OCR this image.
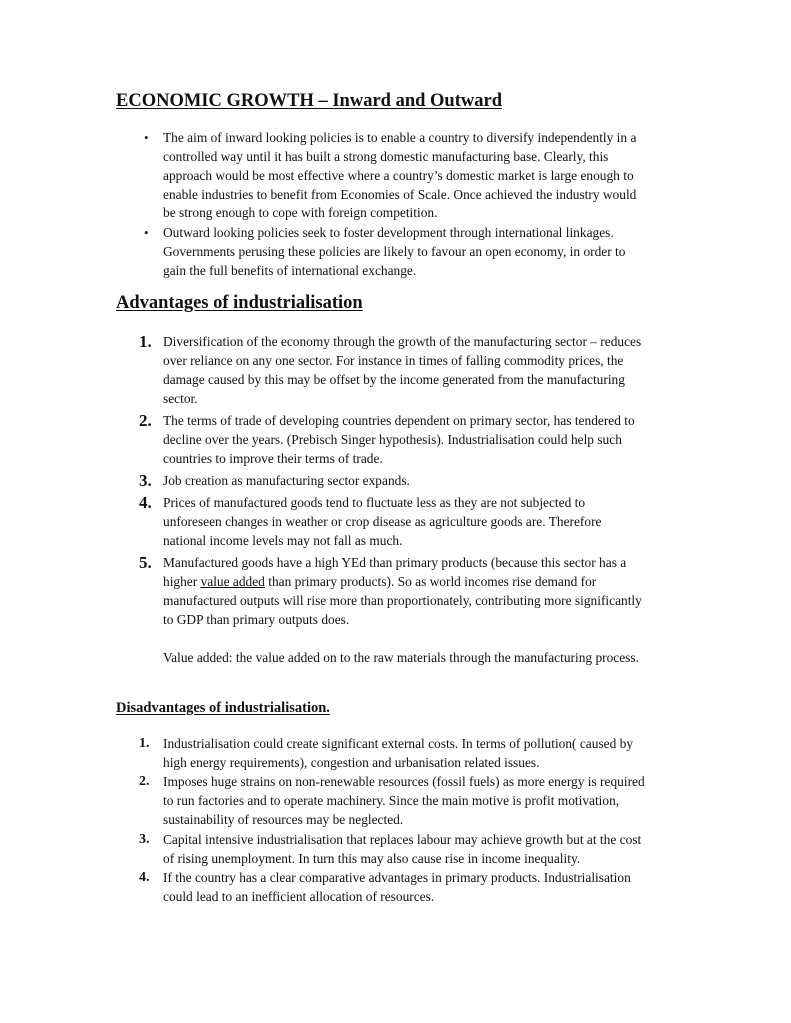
ECONOMIC GROWTH – Inward and Outward
• The aim of inward looking policies is to enable a country to diversify independently in a

controlled way until it has built a strong domestic manufacturing base. Clearly, this

approach would be most effective where a country’s domestic market is large enough to

enable industries to benefit from Economies of Scale. Once achieved the industry would

be strong enough to cope with foreign competition.

• Outward looking policies seek to foster development through international linkages.

Governments perusing these policies are likely to favour an open economy, in order to

gain the full benefits of international exchange.

Advantages of industrialisation
1. Diversification of the economy through the growth of the manufacturing sector – reduces

over reliance on any one sector. For instance in times of falling commodity prices, the

damage caused by this may be offset by the income generated from the manufacturing

sector.

2. The terms of trade of developing countries dependent on primary sector, has tendered to

decline over the years. (Prebisch Singer hypothesis). Industrialisation could help such

countries to improve their terms of trade.

3. Job creation as manufacturing sector expands.

4. Prices of manufactured goods tend to fluctuate less as they are not subjected to

unforeseen changes in weather or crop disease as agriculture goods are. Therefore

national income levels may not fall as much.

5. Manufactured goods have a high YEd than primary products (because this sector has a

higher value added than primary products). So as world incomes rise demand for

manufactured outputs will rise more than proportionately, contributing more significantly

to GDP than primary outputs does.

Value added: the value added on to the raw materials through the manufacturing process.

Disadvantages of industrialisation.
1. Industrialisation could create significant external costs. In terms of pollution( caused by

high energy requirements), congestion and urbanisation related issues.

2. Imposes huge strains on non-renewable resources (fossil fuels) as more energy is required

to run factories and to operate machinery. Since the main motive is profit motivation,

sustainability of resources may be neglected.

3. Capital intensive industrialisation that replaces labour may achieve growth but at the cost

of rising unemployment. In turn this may also cause rise in income inequality.

4. If the country has a clear comparative advantages in primary products. Industrialisation

could lead to an inefficient allocation of resources.
